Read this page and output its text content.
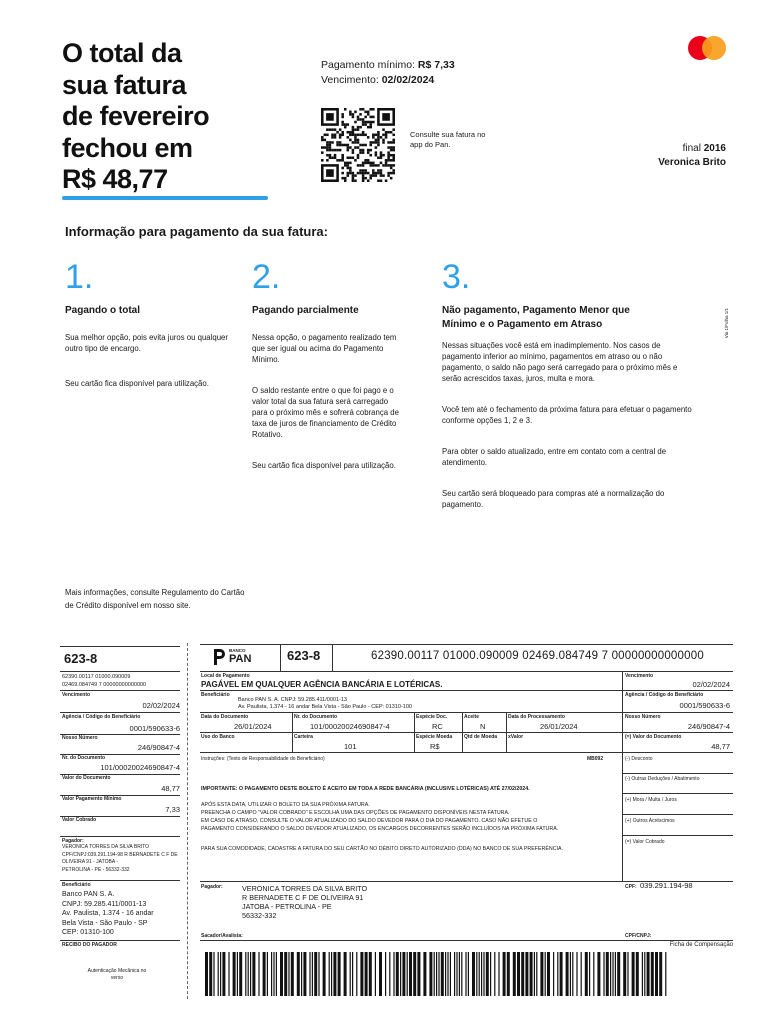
O total da
sua fatura
de fevereiro
fechou em
R$ 48,77
Pagamento mínimo: R$ 7,33
Vencimento: 02/02/2024
Consulte sua fatura no app do Pan.	final 2016
Veronica Brito
Informação para pagamento da sua fatura:
1.
Pagando o total

Sua melhor opção, pois evita juros ou qualquer outro tipo de encargo.

Seu cartão fica disponível para utilização.

2.
Pagando parcialmente

Nessa opção, o pagamento realizado tem que ser igual ou acima do Pagamento Mínimo.

O saldo restante entre o que foi pago e o valor total da sua fatura será carregado para o próximo mês e sofrerá cobrança de taxa de juros de financiamento de Crédito Rotativo.

Seu cartão fica disponível para utilização.

3.
Não pagamento, Pagamento Menor que Mínimo e o Pagamento em Atraso

Nessas situações você está em inadimplemento. Nos casos de pagamento inferior ao mínimo, pagamentos em atraso ou o não pagamento, o saldo não pago será carregado para o próximo mês e serão acrescidos taxas, juros, multa e mora.

Você tem até o fechamento da próxima fatura para efetuar o pagamento conforme opções 1, 2 e 3.

Para obter o saldo atualizado, entre em contato com a central de atendimento.

Seu cartão será bloqueado para compras até a normalização do pagamento.

Via 1/Folha 1/1
Mais informações, consulte Regulamento do Cartão de Crédito disponível em nosso site.
623-8
62390.00117 01000.090009
02469.084749 7 00000000000000
Vencimento
02/02/2024
Agência / Código do Beneficiário
0001/590633-6
Nosso Número
246/90847-4
Nr. do Documento
101/000200246908​47-4
Valor do Documento
48,77
Valor Pagamento Mínimo
7,33
Valor Cobrado
Pagador:
VERONICA TORRES DA SILVA BRITO
CPF/CNPJ:039.291.194-98 R BERNADETE C F DE
OLIVEIRA 91 - JATOBA -
PETROLINA - PE - 56332-332
Beneficiário
Banco PAN S. A.
CNPJ: 59.285.411/0001-13
Av. Paulista, 1.374 - 16 andar
Bela Vista - São Paulo - SP
CEP: 01310-100
RECIBO DO PAGADOR
Autenticação Mecânica no verso
BANCO
PAN	623-8	62390.00117 01000.090009 02469.084749 7 00000000000000
Local de Pagamento
PAGÁVEL EM QUALQUER AGÊNCIA BANCÁRIA E LOTÉRICAS.
Vencimento
02/02/2024
Beneficiário
Banco PAN S. A. CNPJ: 59.285.411/0001-13
Av. Paulista, 1.374 - 16 andar Bela Vista - São Paulo - CEP: 01310-100
Agência / Código do Beneficiário
0001/590633-6
Data do Documento
26/01/2024
Nr. do Documento
101/000200246908​47-4
Espécie Doc.
RC
Aceite
N
Data do Processamento
26/01/2024
Nosso Número
246/90847-4
Uso do Banco	Carteira
101
Espécie Moeda
R$
Qtd de Moeda xValor	(=) Valor do Documento
48,77
Instruções: (Texto de Responsabilidade do Beneficiário)	MB092
IMPORTANTE: O PAGAMENTO DESTE BOLETO É ACEITO EM TODA A REDE BANCÁRIA (INCLUSIVE LOTÉRICAS) ATÉ 27/02/2024.
APÓS ESTA DATA, UTILIZAR O BOLETO DA SUA PRÓXIMA FATURA.
PREENCHA O CAMPO "VALOR COBRADO" E ESCOLHA UMA DAS OPÇÕES DE PAGAMENTO DISPONÍVEIS NESTA FATURA.
EM CASO DE ATRASO, CONSULTE O VALOR ATUALIZADO DO SALDO DEVEDOR PARA O DIA DO PAGAMENTO. CASO NÃO EFETUE O
PAGAMENTO CONSIDERANDO O SALDO DEVEDOR ATUALIZADO, OS ENCARGOS DECORRENTES SERÃO INCLUÍDOS NA PRÓXIMA FATURA.
PARA SUA COMODIDADE, CADASTRE A FATURA DO SEU CARTÃO NO DÉBITO DIRETO AUTORIZADO (DDA) NO BANCO DE SUA PREFERÊNCIA.
(-) Desconto
(-) Outras Deduções / Abatimento
(+) Mora / Multa / Juros
(+) Outros Acréscimos
(=) Valor Cobrado
Pagador:	VERONICA TORRES DA SILVA BRITO
R BERNADETE C F DE OLIVEIRA 91
JATOBA - PETROLINA - PE
56332-332
CPF: 039.291.194-98
Sacador/Avalista:	CPF/CNPJ:
Ficha de Compensação
